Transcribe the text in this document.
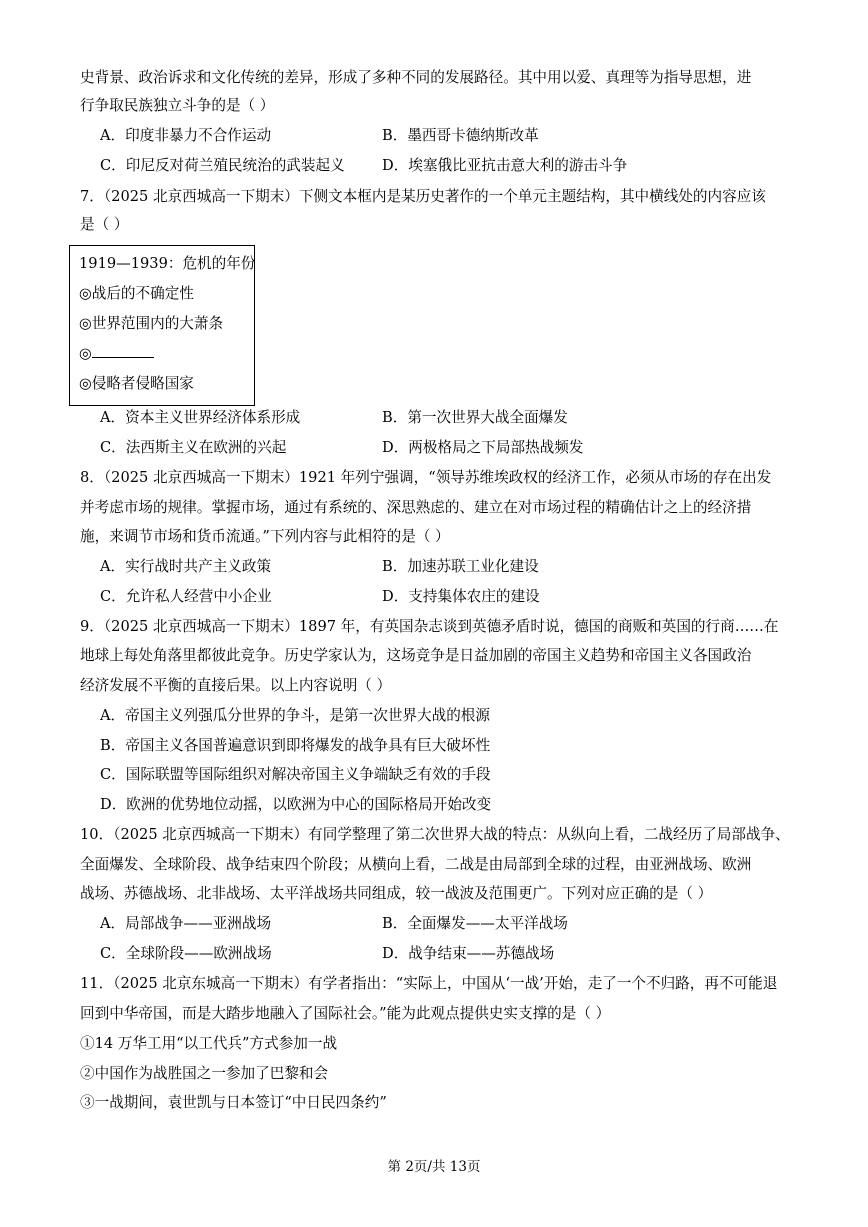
史背景、政治诉求和文化传统的差异，形成了多种不同的发展路径。其中用以爱、真理等为指导思想，进
行争取民族独立斗争的是（ ）
A．印度非暴力不合作运动	B．墨西哥卡德纳斯改革
C．印尼反对荷兰殖民统治的武装起义	D．埃塞俄比亚抗击意大利的游击斗争
7．（2025 北京西城高一下期末）下侧文本框内是某历史著作的一个单元主题结构，其中横线处的内容应该
是（ ）
1919—1939：危机的年份
◎战后的不确定性
◎世界范围内的大萧条
◎
◎侵略者侵略国家
A．资本主义世界经济体系形成	B．第一次世界大战全面爆发
C．法西斯主义在欧洲的兴起	D．两极格局之下局部热战频发
8．（2025 北京西城高一下期末）1921 年列宁强调，“领导苏维埃政权的经济工作，必须从市场的存在出发
并考虑市场的规律。掌握市场，通过有系统的、深思熟虑的、建立在对市场过程的精确估计之上的经济措
施，来调节市场和货币流通。”下列内容与此相符的是（ ）
A．实行战时共产主义政策	B．加速苏联工业化建设
C．允许私人经营中小企业	D．支持集体农庄的建设
9．（2025 北京西城高一下期末）1897 年，有英国杂志谈到英德矛盾时说，德国的商贩和英国的行商……在
地球上每处角落里都彼此竞争。历史学家认为，这场竞争是日益加剧的帝国主义趋势和帝国主义各国政治
经济发展不平衡的直接后果。以上内容说明（ ）
A．帝国主义列强瓜分世界的争斗，是第一次世界大战的根源
B．帝国主义各国普遍意识到即将爆发的战争具有巨大破坏性
C．国际联盟等国际组织对解决帝国主义争端缺乏有效的手段
D．欧洲的优势地位动摇，以欧洲为中心的国际格局开始改变
10．（2025 北京西城高一下期末）有同学整理了第二次世界大战的特点：从纵向上看，二战经历了局部战争、
全面爆发、全球阶段、战争结束四个阶段；从横向上看，二战是由局部到全球的过程，由亚洲战场、欧洲
战场、苏德战场、北非战场、太平洋战场共同组成，较一战波及范围更广。下列对应正确的是（ ）
A．局部战争——亚洲战场	B．全面爆发——太平洋战场
C．全球阶段——欧洲战场	D．战争结束——苏德战场
11．（2025 北京东城高一下期末）有学者指出：“实际上，中国从‘一战’开始，走了一个不归路，再不可能退
回到中华帝国，而是大踏步地融入了国际社会。”能为此观点提供史实支撑的是（ ）
①14 万华工用“以工代兵”方式参加一战
②中国作为战胜国之一参加了巴黎和会
③一战期间，袁世凯与日本签订“中日民四条约”
第 2页/共 13页
